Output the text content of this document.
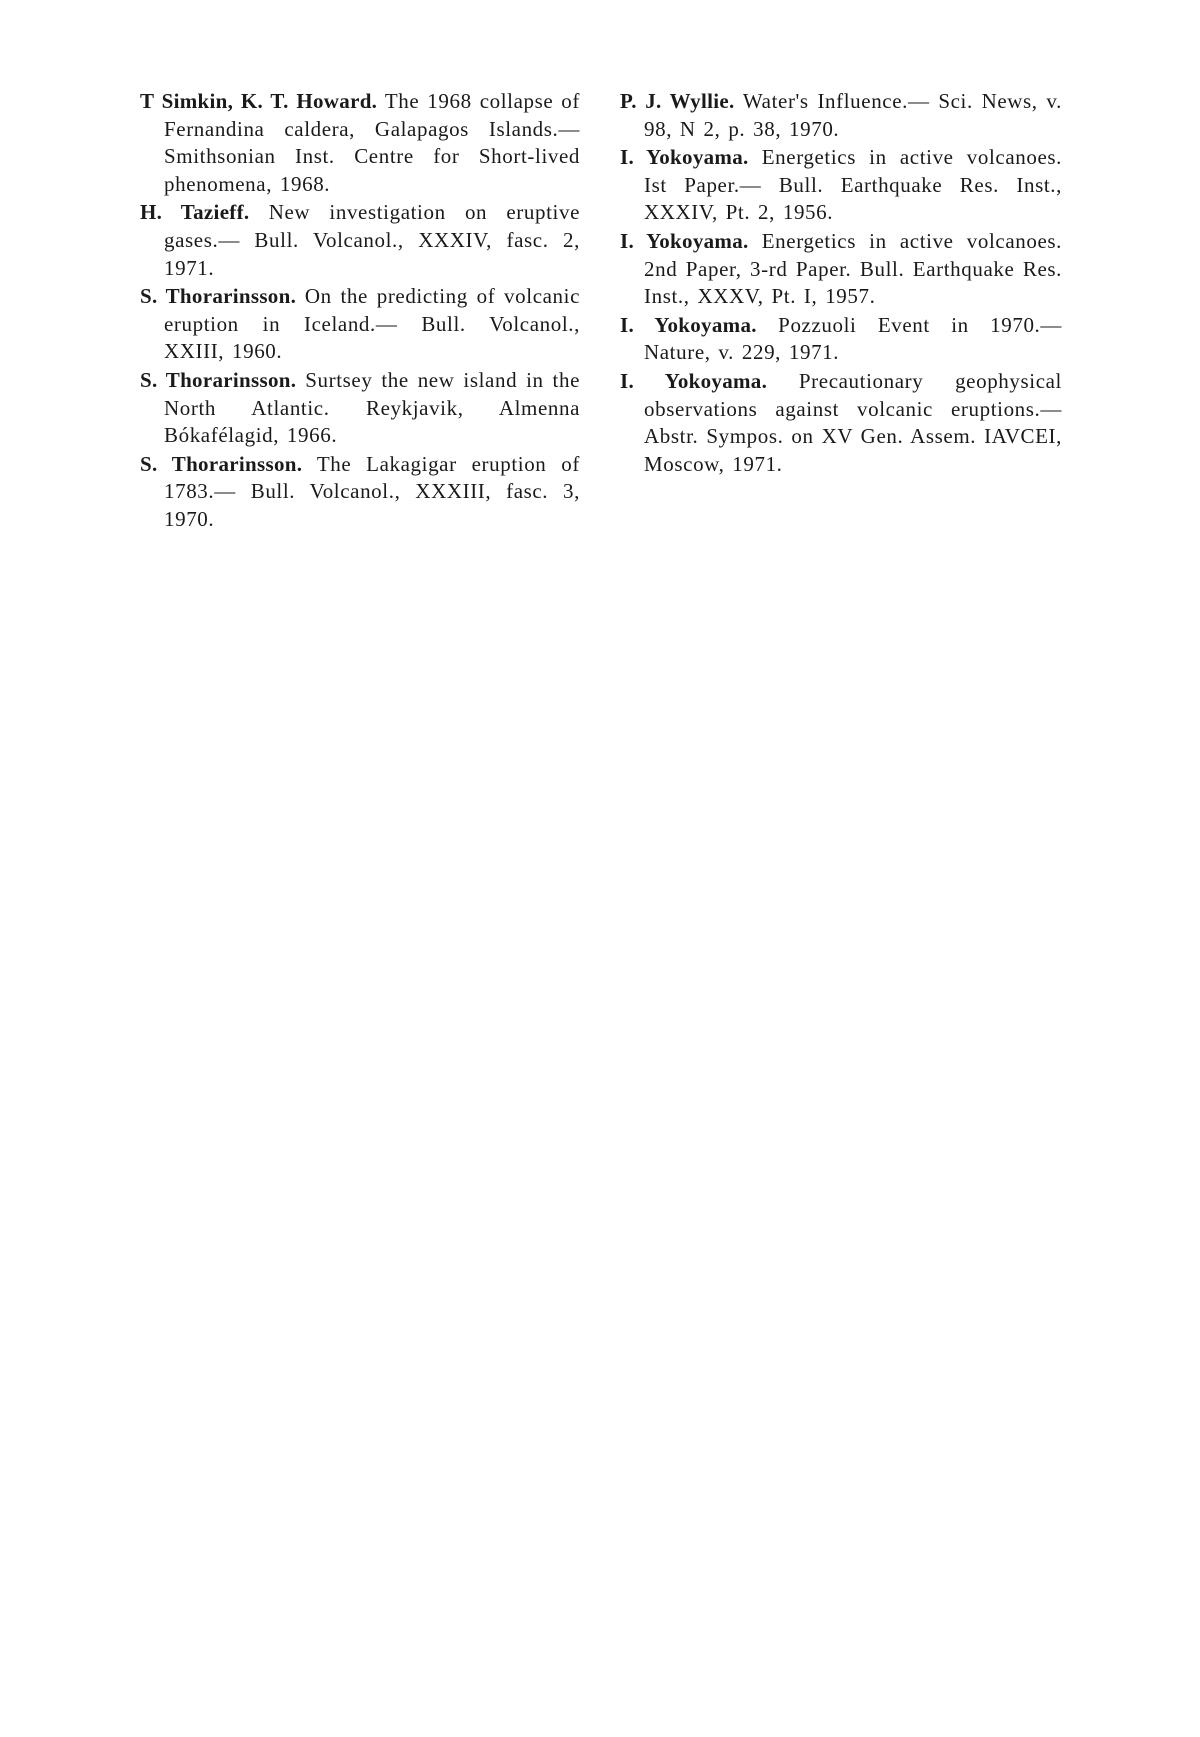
T Simkin, K. T. Howard. The 1968 collapse of Fernandina caldera, Galapagos Islands.— Smithsonian Inst. Centre for Short-lived phenomena, 1968.

H. Tazieff. New investigation on eruptive gases.— Bull. Volcanol., XXXIV, fasc. 2, 1971.

S. Thorarinsson. On the predicting of volcanic eruption in Iceland.— Bull. Volcanol., XXIII, 1960.

S. Thorarinsson. Surtsey the new island in the North Atlantic. Reykjavik, Almenna Bókafélagid, 1966.

S. Thorarinsson. The Lakagigar eruption of 1783.— Bull. Volcanol., XXXIII, fasc. 3, 1970.

P. J. Wyllie. Water's Influence.— Sci. News, v. 98, N 2, p. 38, 1970.

I. Yokoyama. Energetics in active volcanoes. Ist Paper.— Bull. Earthquake Res. Inst., XXXIV, Pt. 2, 1956.

I. Yokoyama. Energetics in active volcanoes. 2nd Paper, 3-rd Paper. Bull. Earthquake Res. Inst., XXXV, Pt. I, 1957.

I. Yokoyama. Pozzuoli Event in 1970.— Nature, v. 229, 1971.

I. Yokoyama. Precautionary geophysical observations against volcanic eruptions.— Abstr. Sympos. on XV Gen. Assem. IAVCEI, Moscow, 1971.
